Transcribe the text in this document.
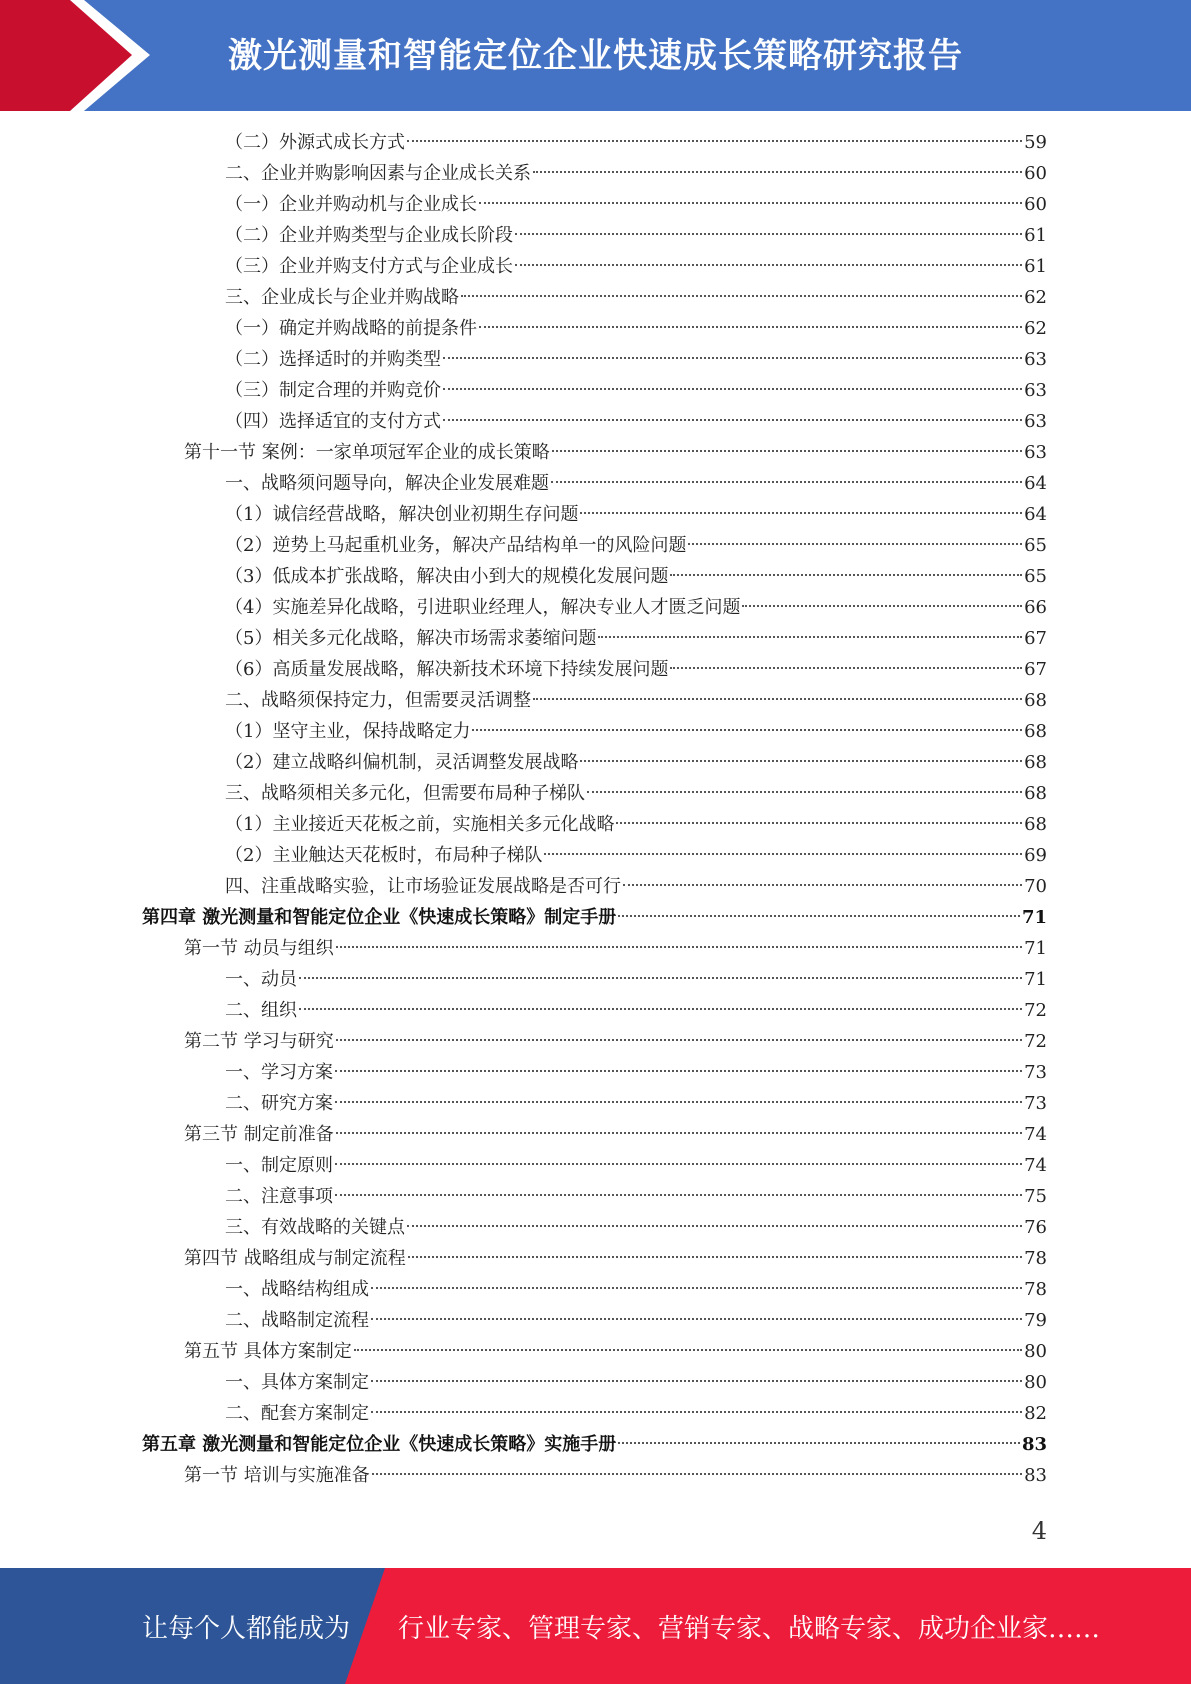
激光测量和智能定位企业快速成长策略研究报告
（二）外源式成长方式	59
二、企业并购影响因素与企业成长关系	60
（一）企业并购动机与企业成长	60
（二）企业并购类型与企业成长阶段	61
（三）企业并购支付方式与企业成长	61
三、企业成长与企业并购战略	62
（一）确定并购战略的前提条件	62
（二）选择适时的并购类型	63
（三）制定合理的并购竞价	63
（四）选择适宜的支付方式	63
第十一节 案例：一家单项冠军企业的成长策略	63
一、战略须问题导向，解决企业发展难题	64
（1）诚信经营战略，解决创业初期生存问题	64
（2）逆势上马起重机业务，解决产品结构单一的风险问题	65
（3）低成本扩张战略，解决由小到大的规模化发展问题	65
（4）实施差异化战略，引进职业经理人，解决专业人才匮乏问题	66
（5）相关多元化战略，解决市场需求萎缩问题	67
（6）高质量发展战略，解决新技术环境下持续发展问题	67
二、战略须保持定力，但需要灵活调整	68
（1）坚守主业，保持战略定力	68
（2）建立战略纠偏机制，灵活调整发展战略	68
三、战略须相关多元化，但需要布局种子梯队	68
（1）主业接近天花板之前，实施相关多元化战略	68
（2）主业触达天花板时，布局种子梯队	69
四、注重战略实验，让市场验证发展战略是否可行	70
第四章 激光测量和智能定位企业《快速成长策略》制定手册	71
第一节 动员与组织	71
一、动员	71
二、组织	72
第二节 学习与研究	72
一、学习方案	73
二、研究方案	73
第三节 制定前准备	74
一、制定原则	74
二、注意事项	75
三、有效战略的关键点	76
第四节 战略组成与制定流程	78
一、战略结构组成	78
二、战略制定流程	79
第五节 具体方案制定	80
一、具体方案制定	80
二、配套方案制定	82
第五章 激光测量和智能定位企业《快速成长策略》实施手册	83
第一节 培训与实施准备	83
4
让每个人都能成为 行业专家、管理专家、营销专家、战略专家、成功企业家……
